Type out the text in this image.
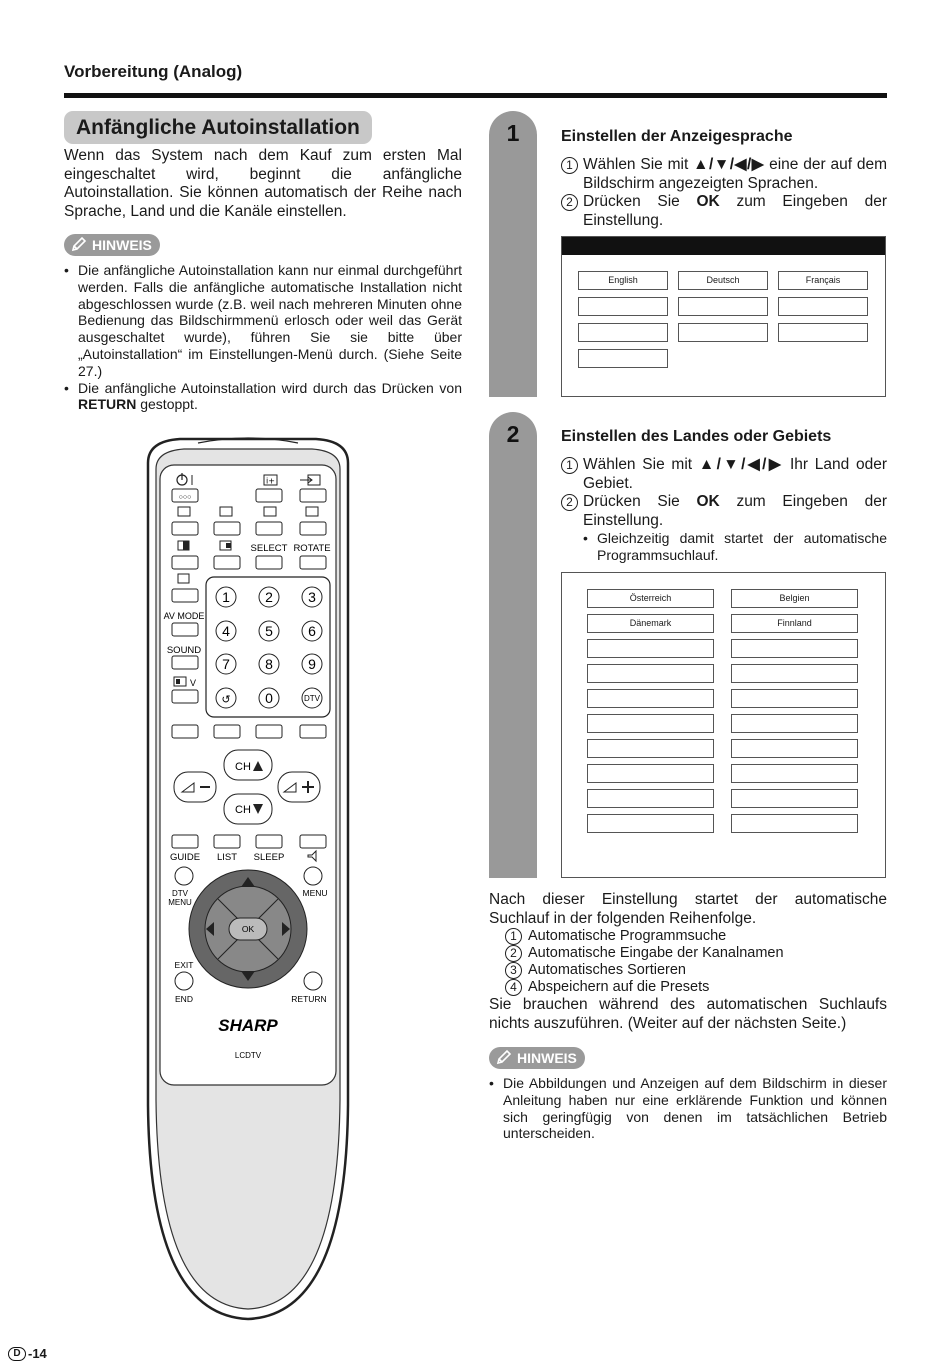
Vorbereitung (Analog)
Anfängliche Autoinstallation
Wenn das System nach dem Kauf zum ersten Mal eingeschaltet wird, beginnt die anfängliche Autoinstallation. Sie können automatisch der Reihe nach Sprache, Land und die Kanäle einstellen.
HINWEIS
• Die anfängliche Autoinstallation kann nur einmal durchgeführt werden. Falls die anfängliche automatische Installation nicht abgeschlossen wurde (z.B. weil nach mehreren Minuten ohne Bedienung das Bildschirmmenü erlosch oder weil das Gerät ausgeschaltet wurde), führen Sie sie bitte über „Autoinstallation“ im Einstellungen-Menü durch. (Siehe Seite 27.)
• Die anfängliche Autoinstallation wird durch das Drücken von RETURN gestoppt.
i+
○○○
SELECT ROTATE
AV MODE
SOUND
V
1	2	3
4	5	6
7	8	9
↺ 0	DTV
CH
CH
GUIDE LIST SLEEP
DTV
MENU
MENU
OK
EXIT
END	RETURN
SHARP
LCDTV
1	Einstellen der Anzeigesprache
1 Wählen Sie mit ▲/▼/◀/▶ eine der auf dem Bildschirm angezeigten Sprachen.
2 Drücken Sie OK zum Eingeben der Einstellung.
English	Deutsch	Français
2	Einstellen des Landes oder Gebiets
1 Wählen Sie mit ▲/▼/◀/▶ Ihr Land oder Gebiet.
2 Drücken Sie OK zum Eingeben der Einstellung.
• Gleichzeitig damit startet der automatische Programmsuchlauf.
Österreich	Belgien
Dänemark	Finnland
Nach dieser Einstellung startet der automatische Suchlauf in der folgenden Reihenfolge.
1 Automatische Programmsuche
2 Automatische Eingabe der Kanalnamen
3 Automatisches Sortieren
4 Abspeichern auf die Presets
Sie brauchen während des automatischen Suchlaufs nichts auszuführen. (Weiter auf der nächsten Seite.)
HINWEIS
• Die Abbildungen und Anzeigen auf dem Bildschirm in dieser Anleitung haben nur eine erklärende Funktion und können sich geringfügig von denen im tatsächlichen Betrieb unterscheiden.
D -14
